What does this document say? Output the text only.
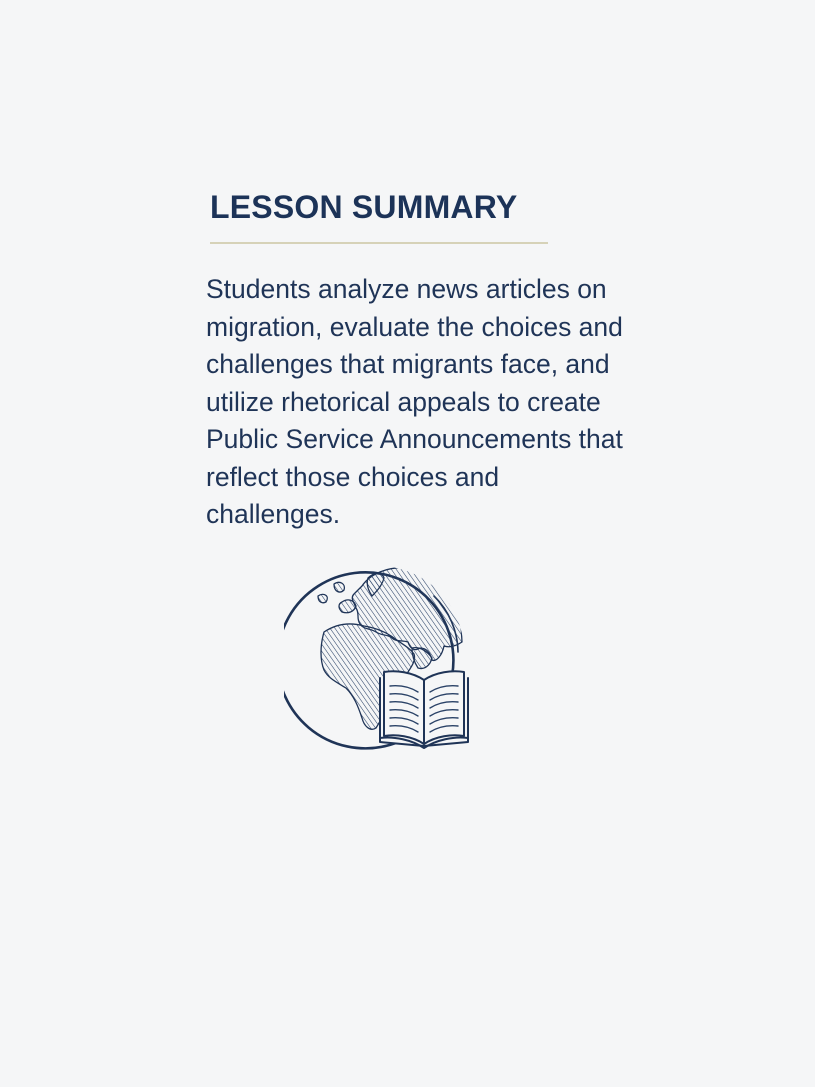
LESSON SUMMARY
Students analyze news articles on migration, evaluate the choices and challenges that migrants face, and utilize rhetorical appeals to create Public Service Announcements that reflect those choices and challenges.
